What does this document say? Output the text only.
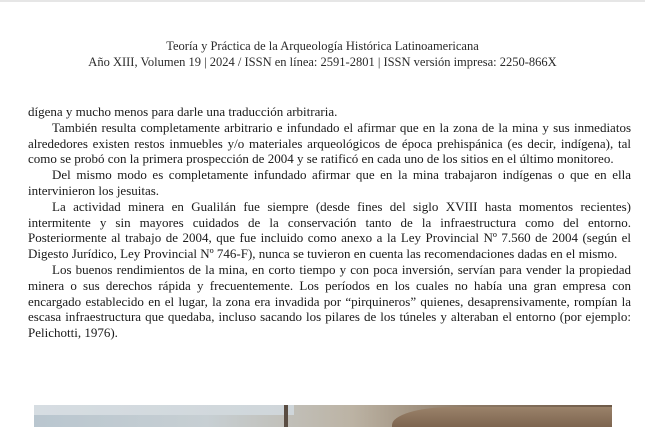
Teoría y Práctica de la Arqueología Histórica Latinoamericana
Año XIII, Volumen 19 | 2024 / ISSN en línea: 2591-2801 | ISSN versión impresa: 2250-866X

dígena y mucho menos para darle una traducción arbitraria.

También resulta completamente arbitrario e infundado el afirmar que en la zona de la mina y sus inmediatos alrededores existen restos inmuebles y/o materiales arqueológicos de época prehispánica (es decir, indígena), tal como se probó con la primera prospección de 2004 y se ratificó en cada uno de los sitios en el último monitoreo.

Del mismo modo es completamente infundado afirmar que en la mina trabajaron indígenas o que en ella intervinieron los jesuitas.

La actividad minera en Gualilán fue siempre (desde fines del siglo XVIII hasta momentos recientes) intermitente y sin mayores cuidados de la conservación tanto de la infraestructura como del entorno. Posteriormente al trabajo de 2004, que fue incluido como anexo a la Ley Provincial Nº 7.560 de 2004 (según el Digesto Jurídico, Ley Provincial Nº 746-F), nunca se tuvieron en cuenta las recomendaciones dadas en el mismo.

Los buenos rendimientos de la mina, en corto tiempo y con poca inversión, servían para vender la propiedad minera o sus derechos rápida y frecuentemente. Los períodos en los cuales no había una gran empresa con encargado establecido en el lugar, la zona era invadida por “pirquineros” quienes, desaprensivamente, rompían la escasa infraestructura que quedaba, incluso sacando los pilares de los túneles y alteraban el entorno (por ejemplo: Pelichotti, 1976).
